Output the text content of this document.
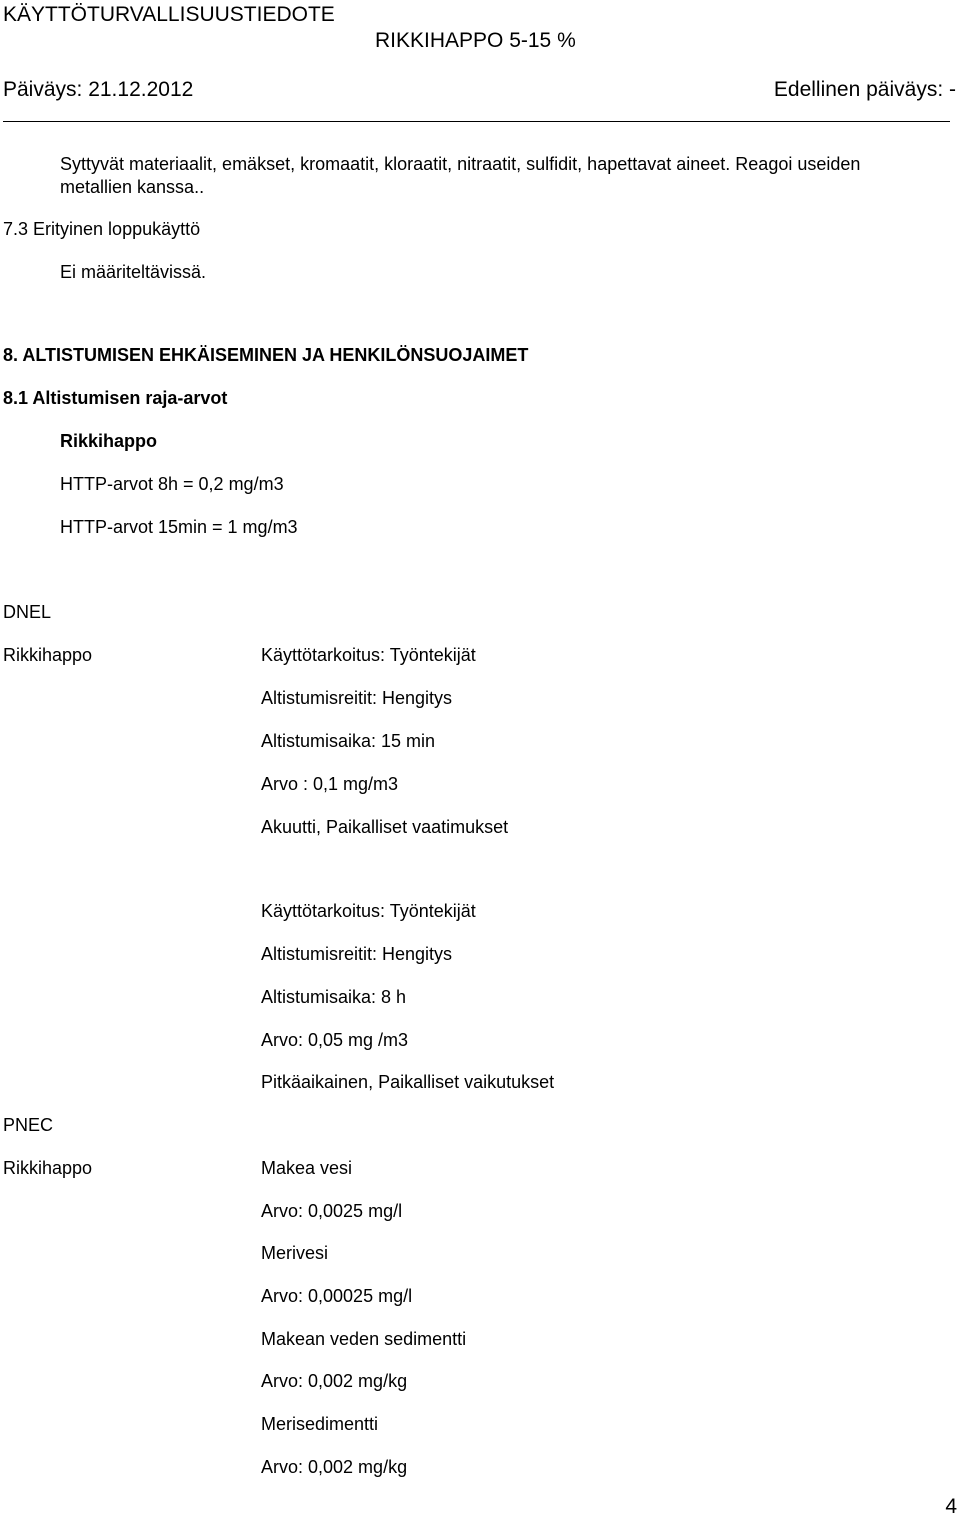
KÄYTTÖTURVALLISUUSTIEDOTE
RIKKIHAPPO 5-15 %
Päiväys: 21.12.2012	Edellinen päiväys: -
Syttyvät materiaalit, emäkset, kromaatit, kloraatit, nitraatit, sulfidit, hapettavat aineet. Reagoi useiden
metallien kanssa..
7.3 Erityinen loppukäyttö
Ei määriteltävissä.
8. ALTISTUMISEN EHKÄISEMINEN JA HENKILÖNSUOJAIMET
8.1 Altistumisen raja-arvot
Rikkihappo
HTTP-arvot 8h = 0,2 mg/m3
HTTP-arvot 15min = 1 mg/m3
DNEL
Rikkihappo	Käyttötarkoitus: Työntekijät
Altistumisreitit: Hengitys
Altistumisaika: 15 min
Arvo : 0,1 mg/m3
Akuutti, Paikalliset vaatimukset
Käyttötarkoitus: Työntekijät
Altistumisreitit: Hengitys
Altistumisaika: 8 h
Arvo: 0,05 mg /m3
Pitkäaikainen, Paikalliset vaikutukset
PNEC
Rikkihappo	Makea vesi
Arvo: 0,0025 mg/l
Merivesi
Arvo: 0,00025 mg/l
Makean veden sedimentti
Arvo: 0,002 mg/kg
Merisedimentti
Arvo: 0,002 mg/kg
4
